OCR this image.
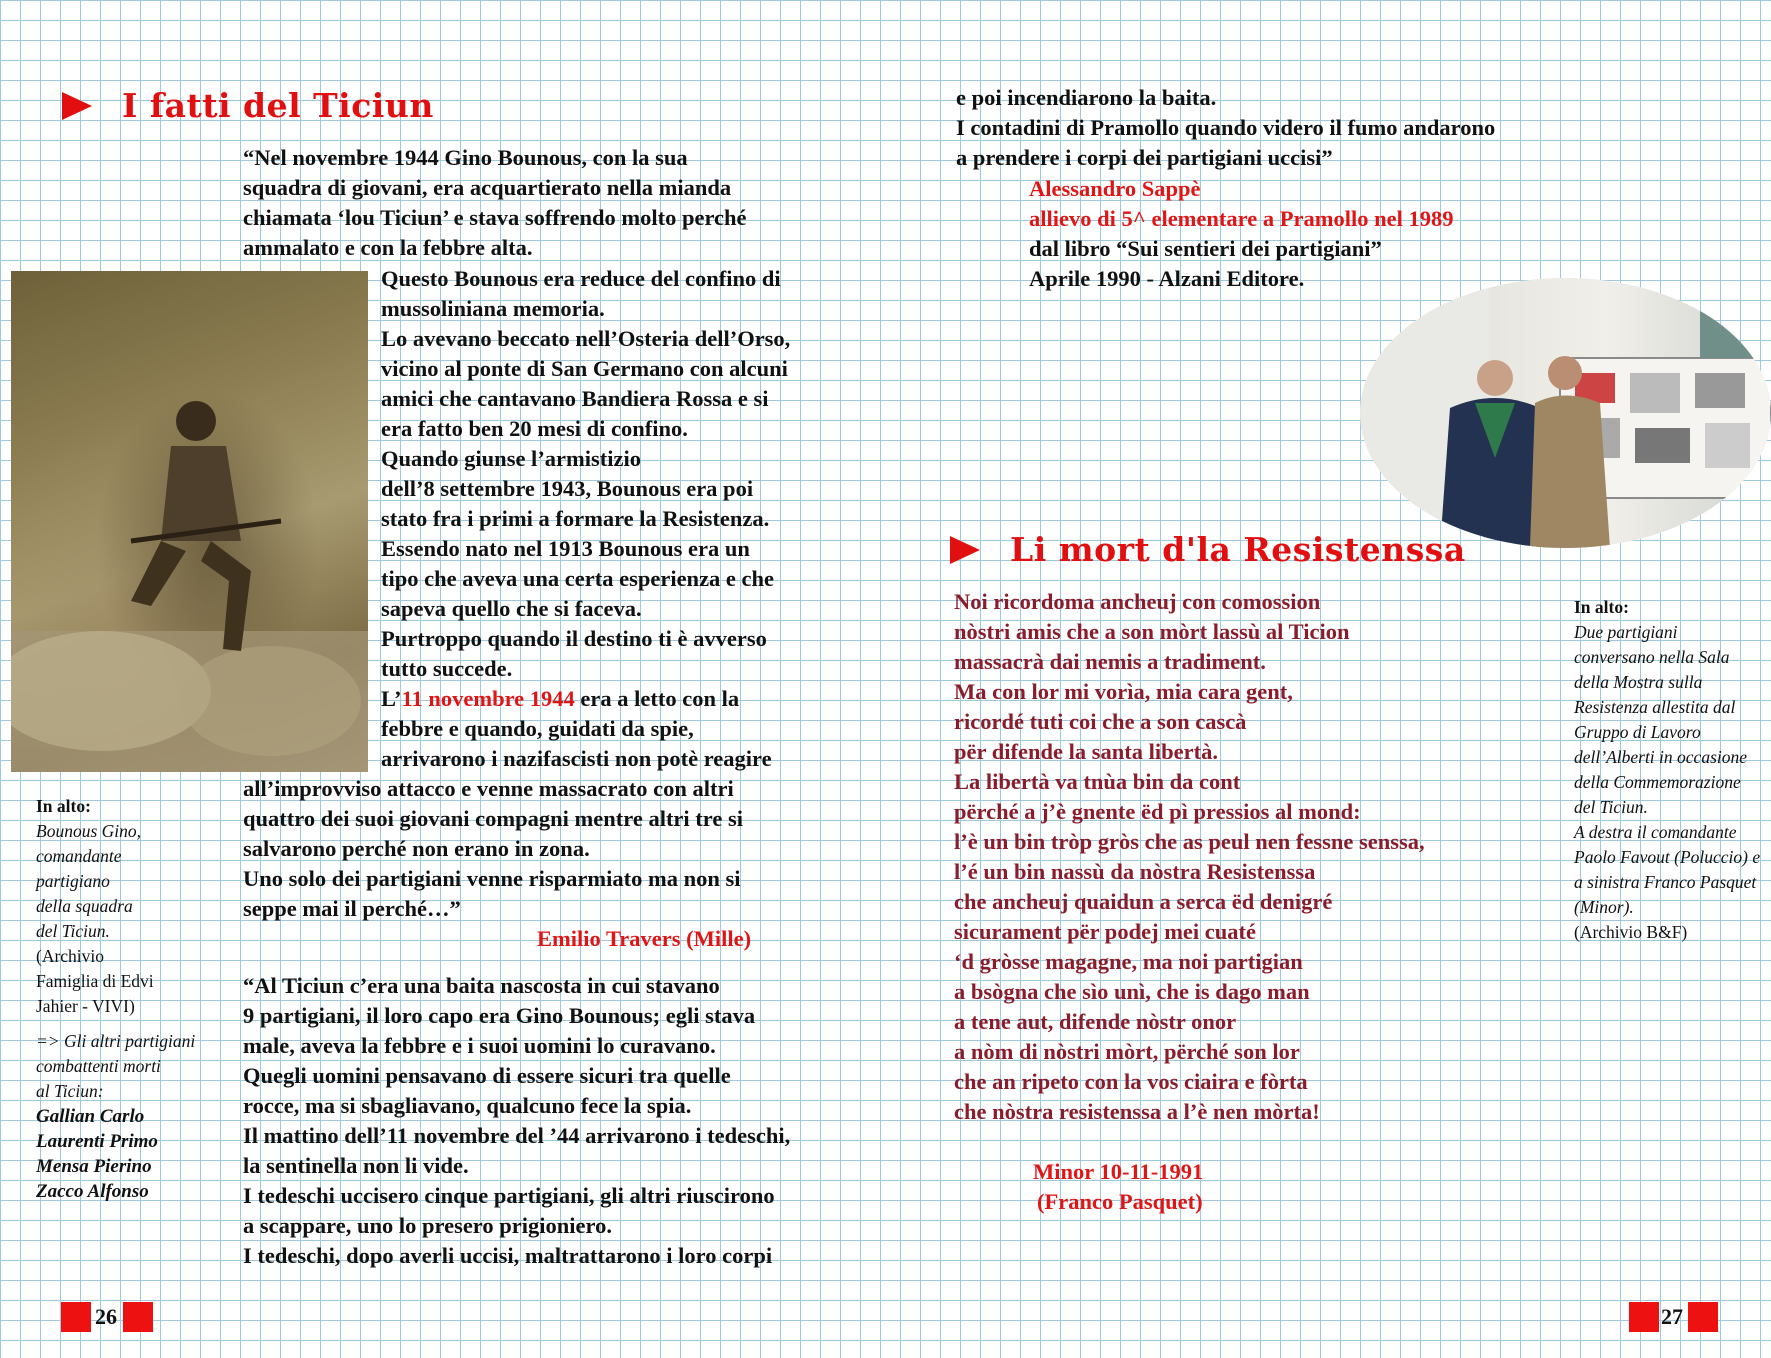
I fatti del Ticiun
“Nel novembre 1944 Gino Bounous, con la sua
squadra di giovani, era acquartierato nella mianda
chiamata ‘lou Ticiun’ e stava soffrendo molto perché
ammalato e con la febbre alta.
Questo Bounous era reduce del confino di
mussoliniana memoria.
Lo avevano beccato nell’Osteria dell’Orso,
vicino al ponte di San Germano con alcuni
amici che cantavano Bandiera Rossa e si
era fatto ben 20 mesi di confino.
Quando giunse l’armistizio
dell’8 settembre 1943, Bounous era poi
stato fra i primi a formare la Resistenza.
Essendo nato nel 1913 Bounous era un
tipo che aveva una certa esperienza e che
sapeva quello che si faceva.
Purtroppo quando il destino ti è avverso
tutto succede.
L’11 novembre 1944 era a letto con la
febbre e quando, guidati da spie,
arrivarono i nazifascisti non potè reagire
all’improvviso attacco e venne massacrato con altri
quattro dei suoi giovani compagni mentre altri tre si
salvarono perché non erano in zona.
Uno solo dei partigiani venne risparmiato ma non si
seppe mai il perché…”
Emilio Travers (Mille)
“Al Ticiun c’era una baita nascosta in cui stavano
9 partigiani, il loro capo era Gino Bounous; egli stava
male, aveva la febbre e i suoi uomini lo curavano.
Quegli uomini pensavano di essere sicuri tra quelle
rocce, ma si sbagliavano, qualcuno fece la spia.
Il mattino dell’11 novembre del ’44 arrivarono i tedeschi,
la sentinella non li vide.
I tedeschi uccisero cinque partigiani, gli altri riuscirono
a scappare, uno lo presero prigioniero.
I tedeschi, dopo averli uccisi, maltrattarono i loro corpi
In alto:
Bounous Gino,
comandante
partigiano
della squadra
del Ticiun.
(Archivio
Famiglia di Edvi
Jahier - VIVI)
=> Gli altri partigiani
combattenti morti
al Ticiun:
Gallian Carlo
Laurenti Primo
Mensa Pierino
Zacco Alfonso
26
e poi incendiarono la baita.
I contadini di Pramollo quando videro il fumo andarono
a prendere i corpi dei partigiani uccisi”
Alessandro Sappè
allievo di 5^ elementare a Pramollo nel 1989
dal libro “Sui sentieri dei partigiani”
Aprile 1990 - Alzani Editore.
Li mort d'la Resistenssa
Noi ricordoma ancheuj con comossion
nòstri amis che a son mòrt lassù al Ticion
massacrà dai nemis a tradiment.
Ma con lor mi vorìa, mia cara gent,
ricordé tuti coi che a son cascà
për difende la santa libertà.
La libertà va tnùa bin da cont
përché a j’è gnente ëd pì pressios al mond:
l’è un bin tròp gròs che as peul nen fessne senssa,
l’é un bin nassù da nòstra Resistenssa
che ancheuj quaidun a serca ëd denigré
sicurament për podej mei cuaté
‘d gròsse magagne, ma noi partigian
a bsògna che sìo unì, che is dago man
a tene aut, difende nòstr onor
a nòm di nòstri mòrt, përché son lor
che an ripeto con la vos ciaira e fòrta
che nòstra resistenssa a l’è nen mòrta!
Minor 10-11-1991
(Franco Pasquet)
In alto:
Due partigiani
conversano nella Sala
della Mostra sulla
Resistenza allestita dal
Gruppo di Lavoro
dell’Alberti in occasione
della Commemorazione
del Ticiun.
A destra il comandante
Paolo Favout (Poluccio) e
a sinistra Franco Pasquet
(Minor).
(Archivio B&F)
27
